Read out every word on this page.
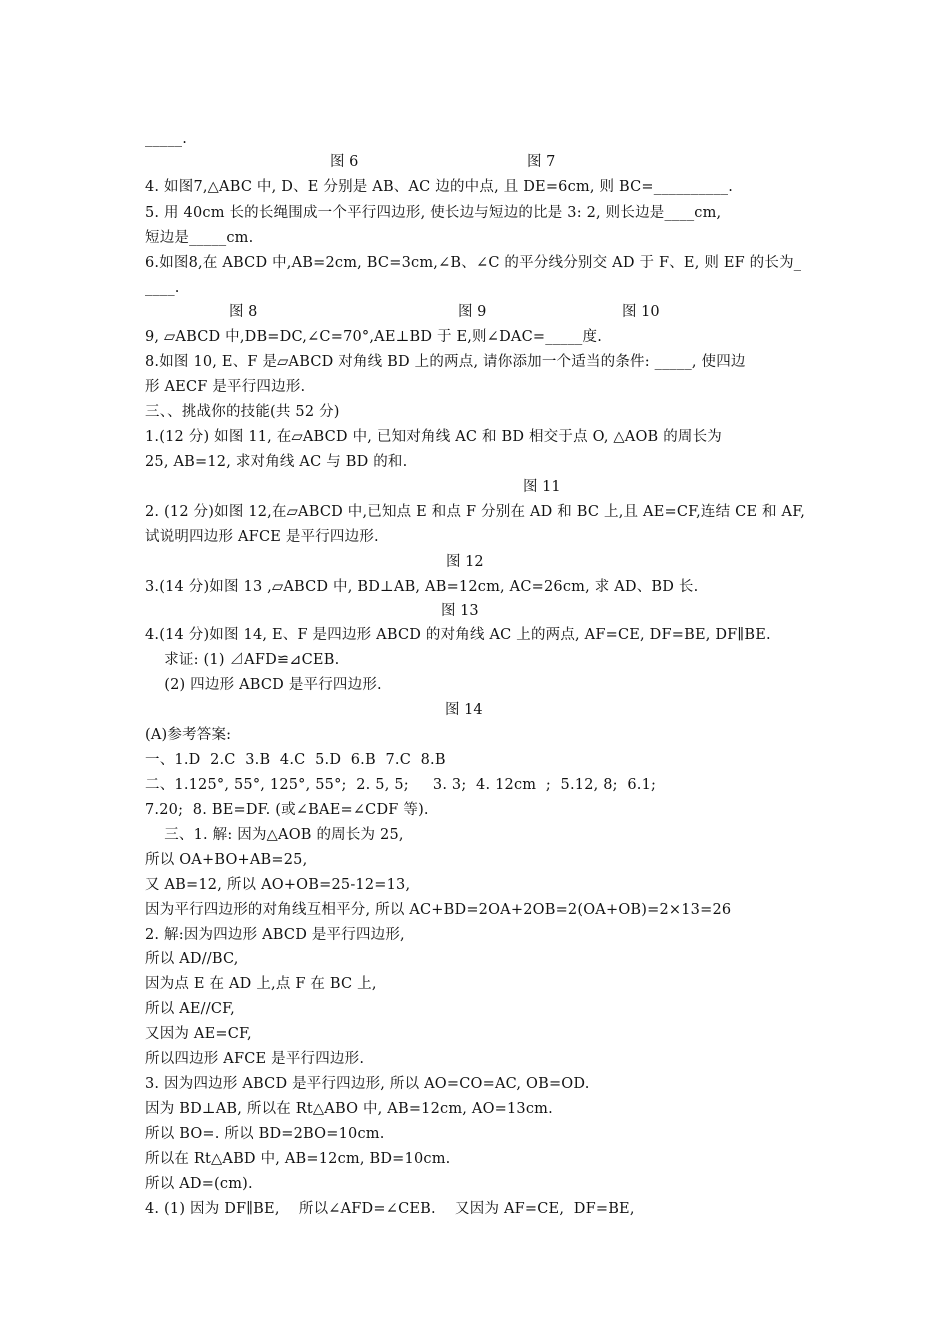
_____.
图 6	图 7
4. 如图7,△ABC 中, D、E 分别是 AB、AC 边的中点, 且 DE=6cm, 则 BC=__________.
5. 用 40cm 长的长绳围成一个平行四边形, 使长边与短边的比是 3: 2, 则长边是____cm,
短边是_____cm.
6.如图8,在 ABCD 中,AB=2cm, BC=3cm,∠B、∠C 的平分线分别交 AD 于 F、E, 则 EF 的长为_
____.
图 8	图 9	图 10
9, ▱ABCD 中,DB=DC,∠C=70°,AE⊥BD 于 E,则∠DAC=_____度.
8.如图 10, E、F 是▱ABCD 对角线 BD 上的两点, 请你添加一个适当的条件: _____, 使四边
形 AECF 是平行四边形.
三、、挑战你的技能(共 52 分)
1.(12 分) 如图 11, 在▱ABCD 中, 已知对角线 AC 和 BD 相交于点 O, △AOB 的周长为
25, AB=12, 求对角线 AC 与 BD 的和.
图 11
2. (12 分)如图 12,在▱ABCD 中,已知点 E 和点 F 分别在 AD 和 BC 上,且 AE=CF,连结 CE 和 AF,
试说明四边形 AFCE 是平行四边形.
图 12
3.(14 分)如图 13 ,▱ABCD 中, BD⊥AB, AB=12cm, AC=26cm, 求 AD、BD 长.
图 13
4.(14 分)如图 14, E、F 是四边形 ABCD 的对角线 AC 上的两点, AF=CE, DF=BE, DF∥BE.
求证: (1) ⊿AFD≌⊿CEB.
(2) 四边形 ABCD 是平行四边形.
图 14
(A)参考答案:
一、1.D  2.C  3.B  4.C  5.D  6.B  7.C  8.B
二、1.125°, 55°, 125°, 55°;  2. 5, 5;     3. 3;  4. 12cm  ;  5.12, 8;  6.1;
7.20;  8. BE=DF. (或∠BAE=∠CDF 等).
三、1. 解: 因为△AOB 的周长为 25,
所以 OA+BO+AB=25,
又 AB=12, 所以 AO+OB=25-12=13,
因为平行四边形的对角线互相平分, 所以 AC+BD=2OA+2OB=2(OA+OB)=2×13=26
2. 解:因为四边形 ABCD 是平行四边形,
所以 AD//BC,
因为点 E 在 AD 上,点 F 在 BC 上,
所以 AE//CF,
又因为 AE=CF,
所以四边形 AFCE 是平行四边形.
3. 因为四边形 ABCD 是平行四边形, 所以 AO=CO=AC, OB=OD.
因为 BD⊥AB, 所以在 Rt△ABO 中, AB=12cm, AO=13cm.
所以 BO=. 所以 BD=2BO=10cm.
所以在 Rt△ABD 中, AB=12cm, BD=10cm.
所以 AD=(cm).
4. (1) 因为 DF∥BE,    所以∠AFD=∠CEB.    又因为 AF=CE,  DF=BE,
